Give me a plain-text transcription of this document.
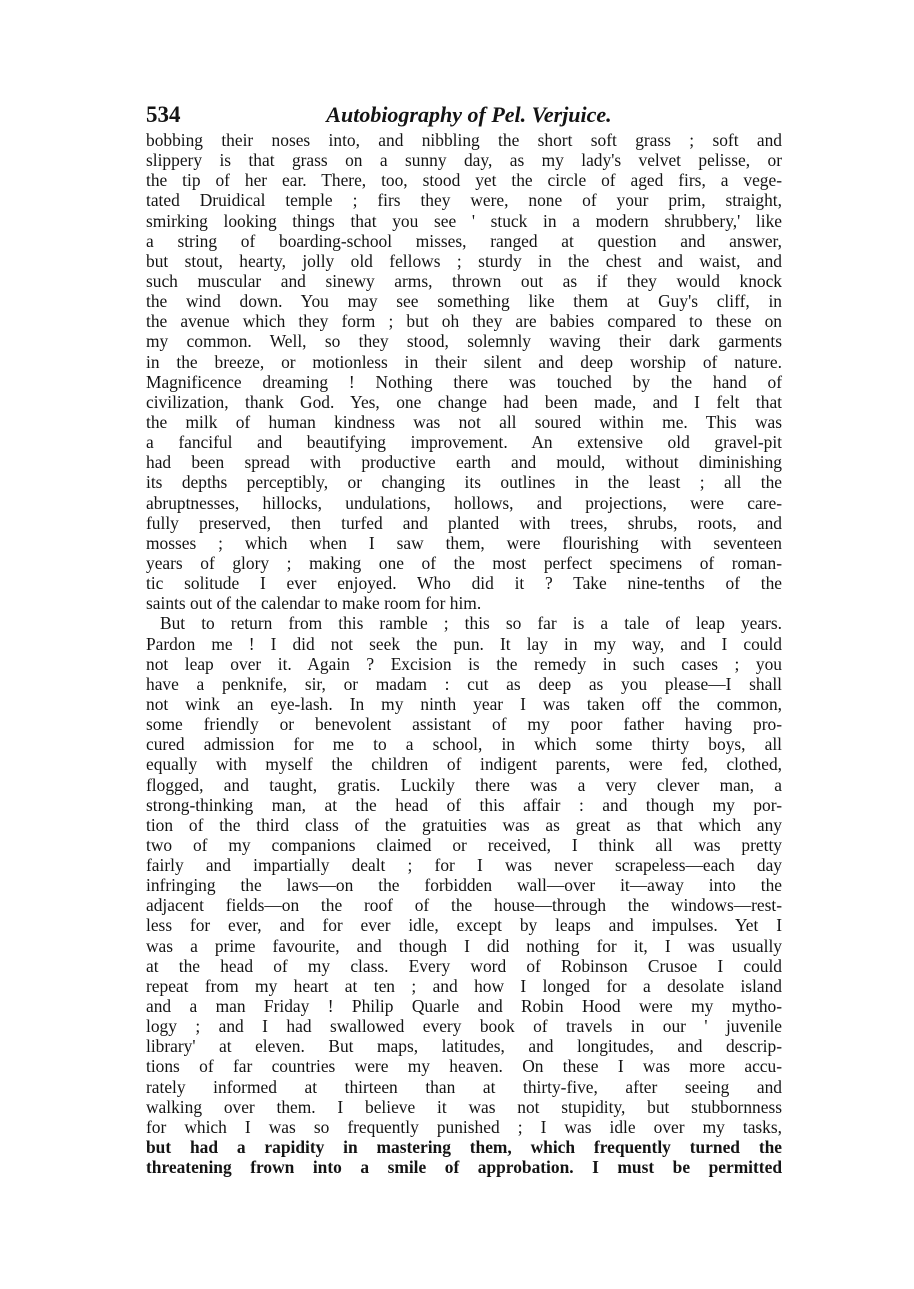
534	Autobiography of Pel. Verjuice.
bobbing their noses into, and nibbling the short soft grass ; soft and
slippery is that grass on a sunny day, as my lady's velvet pelisse, or
the tip of her ear. There, too, stood yet the circle of aged firs, a vege-
tated Druidical temple ; firs they were, none of your prim, straight,
smirking looking things that you see ' stuck in a modern shrubbery,' like
a string of boarding-school misses, ranged at question and answer,
but stout, hearty, jolly old fellows ; sturdy in the chest and waist, and
such muscular and sinewy arms, thrown out as if they would knock
the wind down. You may see something like them at Guy's cliff, in
the avenue which they form ; but oh they are babies compared to these on
my common. Well, so they stood, solemnly waving their dark garments
in the breeze, or motionless in their silent and deep worship of nature.
Magnificence dreaming ! Nothing there was touched by the hand of
civilization, thank God. Yes, one change had been made, and I felt that
the milk of human kindness was not all soured within me. This was
a fanciful and beautifying improvement. An extensive old gravel-pit
had been spread with productive earth and mould, without diminishing
its depths perceptibly, or changing its outlines in the least ; all the
abruptnesses, hillocks, undulations, hollows, and projections, were care-
fully preserved, then turfed and planted with trees, shrubs, roots, and
mosses ; which when I saw them, were flourishing with seventeen
years of glory ; making one of the most perfect specimens of roman-
tic solitude I ever enjoyed. Who did it ? Take nine-tenths of the
saints out of the calendar to make room for him.
But to return from this ramble ; this so far is a tale of leap years.
Pardon me ! I did not seek the pun. It lay in my way, and I could
not leap over it. Again ? Excision is the remedy in such cases ; you
have a penknife, sir, or madam : cut as deep as you please—I shall
not wink an eye-lash. In my ninth year I was taken off the common,
some friendly or benevolent assistant of my poor father having pro-
cured admission for me to a school, in which some thirty boys, all
equally with myself the children of indigent parents, were fed, clothed,
flogged, and taught, gratis. Luckily there was a very clever man, a
strong-thinking man, at the head of this affair : and though my por-
tion of the third class of the gratuities was as great as that which any
two of my companions claimed or received, I think all was pretty
fairly and impartially dealt ; for I was never scrapeless—each day
infringing the laws—on the forbidden wall—over it—away into the
adjacent fields—on the roof of the house—through the windows—rest-
less for ever, and for ever idle, except by leaps and impulses. Yet I
was a prime favourite, and though I did nothing for it, I was usually
at the head of my class. Every word of Robinson Crusoe I could
repeat from my heart at ten ; and how I longed for a desolate island
and a man Friday ! Philip Quarle and Robin Hood were my mytho-
logy ; and I had swallowed every book of travels in our ' juvenile
library' at eleven. But maps, latitudes, and longitudes, and descrip-
tions of far countries were my heaven. On these I was more accu-
rately informed at thirteen than at thirty-five, after seeing and
walking over them. I believe it was not stupidity, but stubbornness
for which I was so frequently punished ; I was idle over my tasks,
but had a rapidity in mastering them, which frequently turned the
threatening frown into a smile of approbation. I must be permitted
